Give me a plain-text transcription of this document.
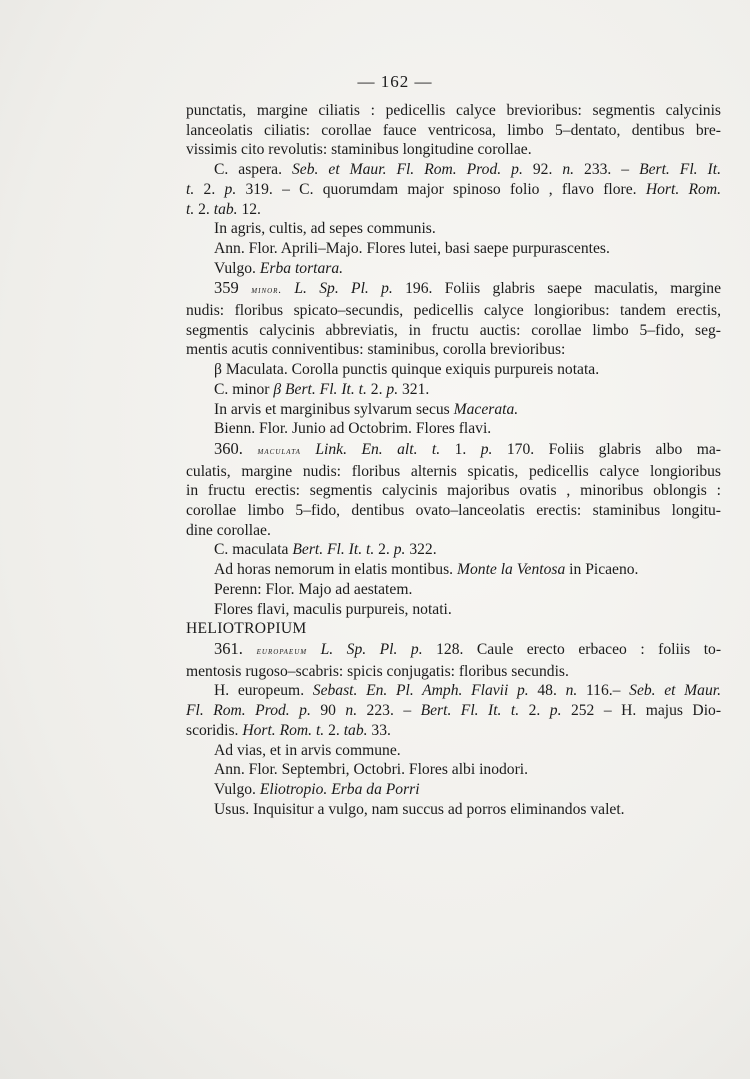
— 162 —

punctatis, margine ciliatis : pedicellis calyce brevioribus: segmentis calycinis

lanceolatis ciliatis: corollae fauce ventricosa, limbo 5–dentato, dentibus bre-

vissimis cito revolutis: staminibus longitudine corollae.

C. aspera. Seb. et Maur. Fl. Rom. Prod. p. 92. n. 233. – Bert. Fl. It.

t. 2. p. 319. – C. quorumdam major spinoso folio , flavo flore. Hort. Rom.

t. 2. tab. 12.

In agris, cultis, ad sepes communis.

Ann. Flor. Aprili–Majo. Flores lutei, basi saepe purpurascentes.

Vulgo. Erba tortara.

359 minor. L. Sp. Pl. p. 196. Foliis glabris saepe maculatis, margine

nudis: floribus spicato–secundis, pedicellis calyce longioribus: tandem erectis,

segmentis calycinis abbreviatis, in fructu auctis: corollae limbo 5–fido, seg-

mentis acutis conniventibus: staminibus, corolla brevioribus:

β Maculata. Corolla punctis quinque exiquis purpureis notata.

C. minor β Bert. Fl. It. t. 2. p. 321.

In arvis et marginibus sylvarum secus Macerata.

Bienn. Flor. Junio ad Octobrim. Flores flavi.

360. maculata Link. En. alt. t. 1. p. 170. Foliis glabris albo ma-

culatis, margine nudis: floribus alternis spicatis, pedicellis calyce longioribus

in fructu erectis: segmentis calycinis majoribus ovatis , minoribus oblongis :

corollae limbo 5–fido, dentibus ovato–lanceolatis erectis: staminibus longitu-

dine corollae.

C. maculata Bert. Fl. It. t. 2. p. 322.

Ad horas nemorum in elatis montibus. Monte la Ventosa in Picaeno.

Perenn: Flor. Majo ad aestatem.

Flores flavi, maculis purpureis, notati.

HELIOTROPIUM

361. europaeum L. Sp. Pl. p. 128. Caule erecto erbaceo : foliis to-

mentosis rugoso–scabris: spicis conjugatis: floribus secundis.

H. europeum. Sebast. En. Pl. Amph. Flavii p. 48. n. 116.– Seb. et Maur.

Fl. Rom. Prod. p. 90 n. 223. – Bert. Fl. It. t. 2. p. 252 – H. majus Dio-

scoridis. Hort. Rom. t. 2. tab. 33.

Ad vias, et in arvis commune.

Ann. Flor. Septembri, Octobri. Flores albi inodori.

Vulgo. Eliotropio. Erba da Porri

Usus. Inquisitur a vulgo, nam succus ad porros eliminandos valet.
